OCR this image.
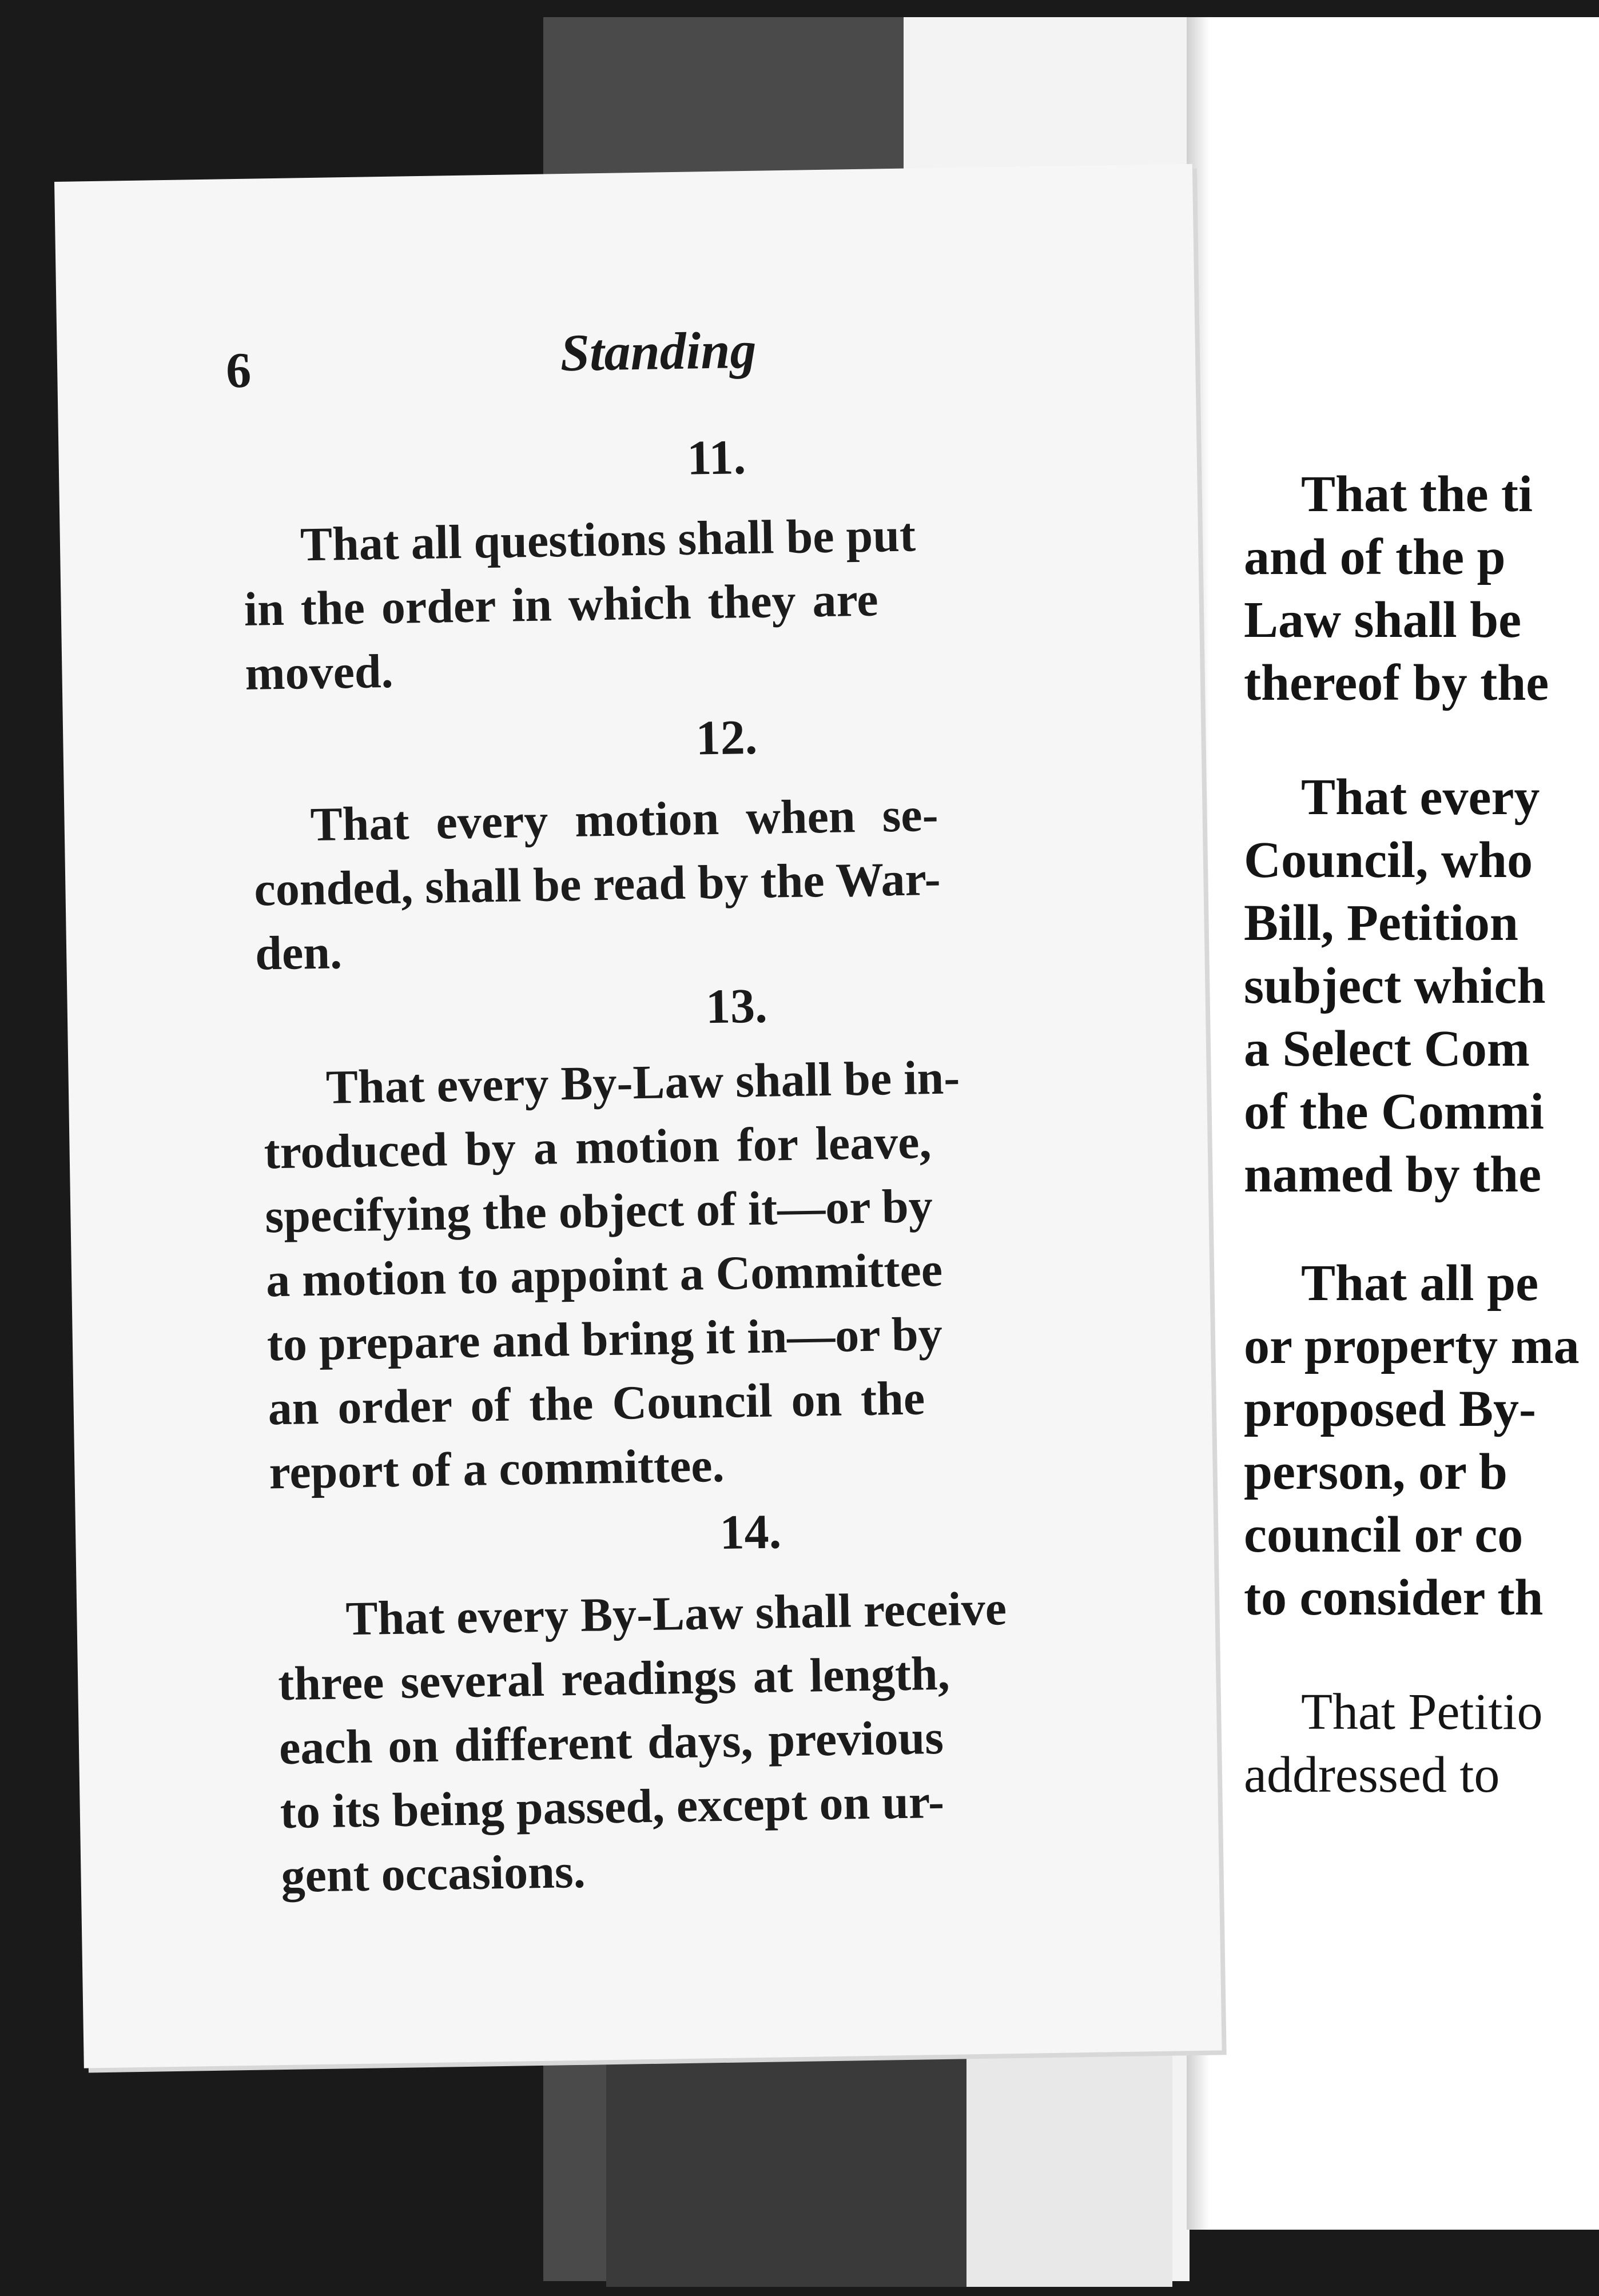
That the ti
and of the p
Law shall be
thereof by the
That every
Council, who
Bill, Petition
subject which
a Select Com
of the Commi
named by the
That all pe
or property ma
proposed By-
person, or b
council or co
to consider th
That Petitio
addressed to
6	Standing
11.
That all questions shall be put
in the order in which they are
moved.
12.
That every motion when se-
conded, shall be read by the War-
den.
13.
That every By-Law shall be in-
troduced by a motion for leave,
specifying the object of it—or by
a motion to appoint a Committee
to prepare and bring it in—or by
an order of the Council on the
report of a committee.
14.
That every By-Law shall receive
three several readings at length,
each on different days, previous
to its being passed, except on ur-
gent occasions.
